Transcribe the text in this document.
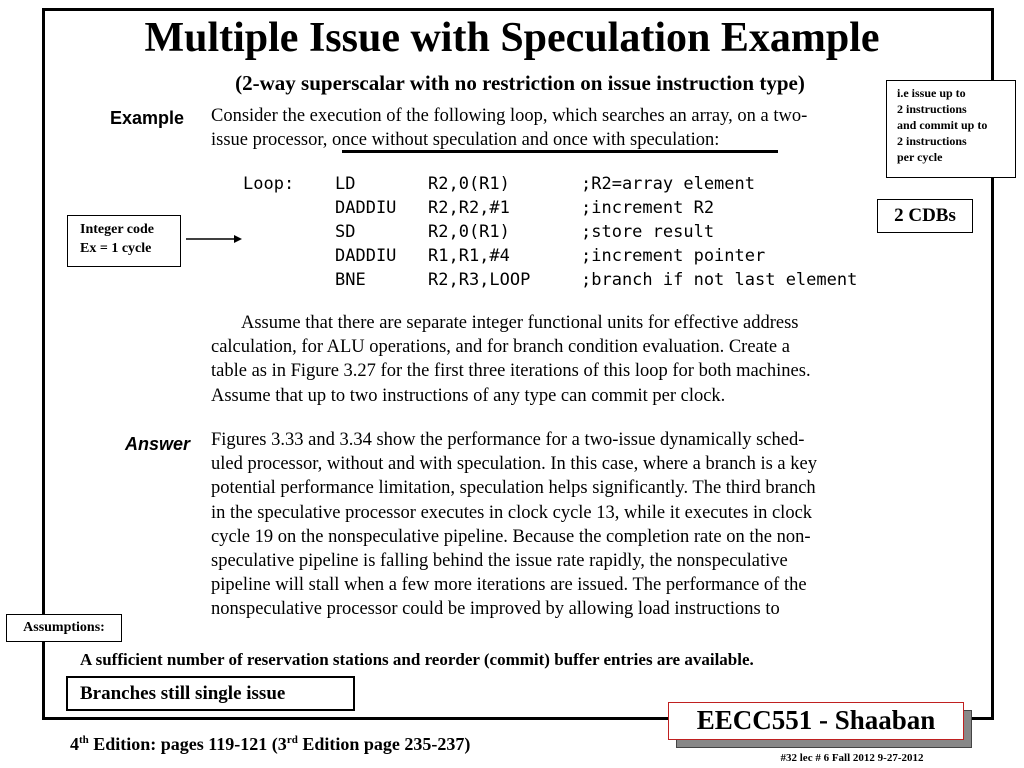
Multiple Issue with Speculation Example
(2-way superscalar with no restriction on issue instruction type)	i.e issue up to
2 instructions
and commit up to
2 instructions
per cycle
2 CDBs
Integer code
Ex = 1 cycle
Example Consider the execution of the following loop, which searches an array, on a two-
issue processor, once without speculation and once with speculation:
Loop: LD	R2,0(R1)	;R2=array element
DADDIU R2,R2,#1	;increment R2
SD	R2,0(R1)	;store result
DADDIU R1,R1,#4	;increment pointer
BNE	R2,R3,LOOP	;branch if not last element
Assume that there are separate integer functional units for effective address
calculation, for ALU operations, and for branch condition evaluation. Create a
table as in Figure 3.27 for the first three iterations of this loop for both machines.
Assume that up to two instructions of any type can commit per clock.
Answer Figures 3.33 and 3.34 show the performance for a two-issue dynamically sched-
uled processor, without and with speculation. In this case, where a branch is a key
potential performance limitation, speculation helps significantly. The third branch
in the speculative processor executes in clock cycle 13, while it executes in clock
cycle 19 on the nonspeculative pipeline. Because the completion rate on the non-
speculative pipeline is falling behind the issue rate rapidly, the nonspeculative
pipeline will stall when a few more iterations are issued. The performance of the
nonspeculative processor could be improved by allowing load instructions to
Assumptions:
A sufficient number of reservation stations and reorder (commit) buffer entries are available.
Branches still single issue
EECC551 - Shaaban
4th Edition: pages 119-121 (3rd Edition page 235-237)
#32 lec # 6 Fall 2012 9-27-2012
